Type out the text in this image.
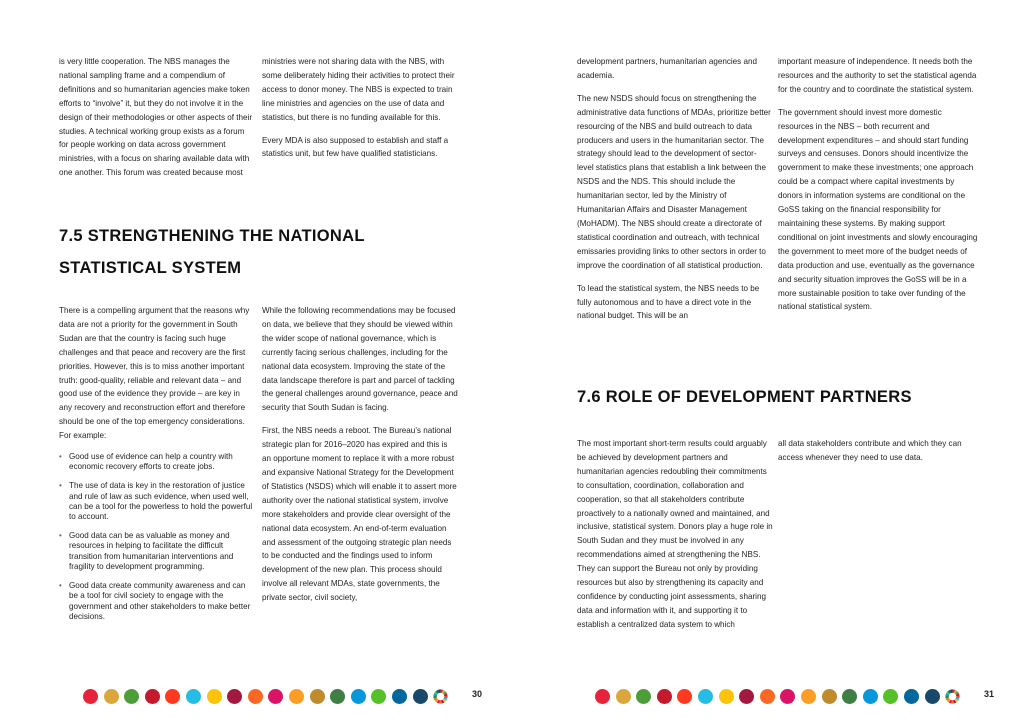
is very little cooperation. The NBS manages the national sampling frame and a compendium of definitions and so humanitarian agencies make token efforts to “involve” it, but they do not involve it in the design of their methodologies or other aspects of their studies. A technical working group exists as a forum for people working on data across government ministries, with a focus on sharing available data with one another. This forum was created because most

ministries were not sharing data with the NBS, with some deliberately hiding their activities to protect their access to donor money. The NBS is expected to train line ministries and agencies on the use of data and statistics, but there is no funding available for this.

Every MDA is also supposed to establish and staff a statistics unit, but few have qualified statisticians.

7.5 STRENGTHENING THE NATIONAL
STATISTICAL SYSTEM

There is a compelling argument that the reasons why data are not a priority for the government in South Sudan are that the country is facing such huge challenges and that peace and recovery are the first priorities. However, this is to miss another important truth: good-quality, reliable and relevant data – and good use of the evidence they provide – are key in any recovery and reconstruction effort and therefore should be one of the top emergency considerations. For example:

• Good use of evidence can help a country with economic recovery efforts to create jobs.
• The use of data is key in the restoration of justice and rule of law as such evidence, when used well, can be a tool for the powerless to hold the powerful to account.
• Good data can be as valuable as money and resources in helping to facilitate the difficult transition from humanitarian interventions and fragility to development programming.
• Good data create community awareness and can be a tool for civil society to engage with the government and other stakeholders to make better decisions.

While the following recommendations may be focused on data, we believe that they should be viewed within the wider scope of national governance, which is currently facing serious challenges, including for the national data ecosystem. Improving the state of the data landscape therefore is part and parcel of tackling the general challenges around governance, peace and security that South Sudan is facing.

First, the NBS needs a reboot. The Bureau’s national strategic plan for 2016–2020 has expired and this is an opportune moment to replace it with a more robust and expansive National Strategy for the Development of Statistics (NSDS) which will enable it to assert more authority over the national statistical system, involve more stakeholders and provide clear oversight of the national data ecosystem. An end-of-term evaluation and assessment of the outgoing strategic plan needs to be conducted and the findings used to inform development of the new plan. This process should involve all relevant MDAs, state governments, the private sector, civil society,

development partners, humanitarian agencies and academia.

The new NSDS should focus on strengthening the administrative data functions of MDAs, prioritize better resourcing of the NBS and build outreach to data producers and users in the humanitarian sector. The strategy should lead to the development of sector-level statistics plans that establish a link between the NSDS and the NDS. This should include the humanitarian sector, led by the Ministry of Humanitarian Affairs and Disaster Management (MoHADM). The NBS should create a directorate of statistical coordination and outreach, with technical emissaries providing links to other sectors in order to improve the coordination of all statistical production.

To lead the statistical system, the NBS needs to be fully autonomous and to have a direct vote in the national budget. This will be an

important measure of independence. It needs both the resources and the authority to set the statistical agenda for the country and to coordinate the statistical system.

The government should invest more domestic resources in the NBS – both recurrent and development expenditures – and should start funding surveys and censuses. Donors should incentivize the government to make these investments; one approach could be a compact where capital investments by donors in information systems are conditional on the GoSS taking on the financial responsibility for maintaining these systems. By making support conditional on joint investments and slowly encouraging the government to meet more of the budget needs of data production and use, eventually as the governance and security situation improves the GoSS will be in a more sustainable position to take over funding of the national statistical system.

7.6 ROLE OF DEVELOPMENT PARTNERS

The most important short-term results could arguably be achieved by development partners and humanitarian agencies redoubling their commitments to consultation, coordination, collaboration and cooperation, so that all stakeholders contribute proactively to a nationally owned and maintained, and inclusive, statistical system. Donors play a huge role in South Sudan and they must be involved in any recommendations aimed at strengthening the NBS. They can support the Bureau not only by providing resources but also by strengthening its capacity and confidence by conducting joint assessments, sharing data and information with it, and supporting it to establish a centralized data system to which

all data stakeholders contribute and which they can access whenever they need to use data.

30	31
